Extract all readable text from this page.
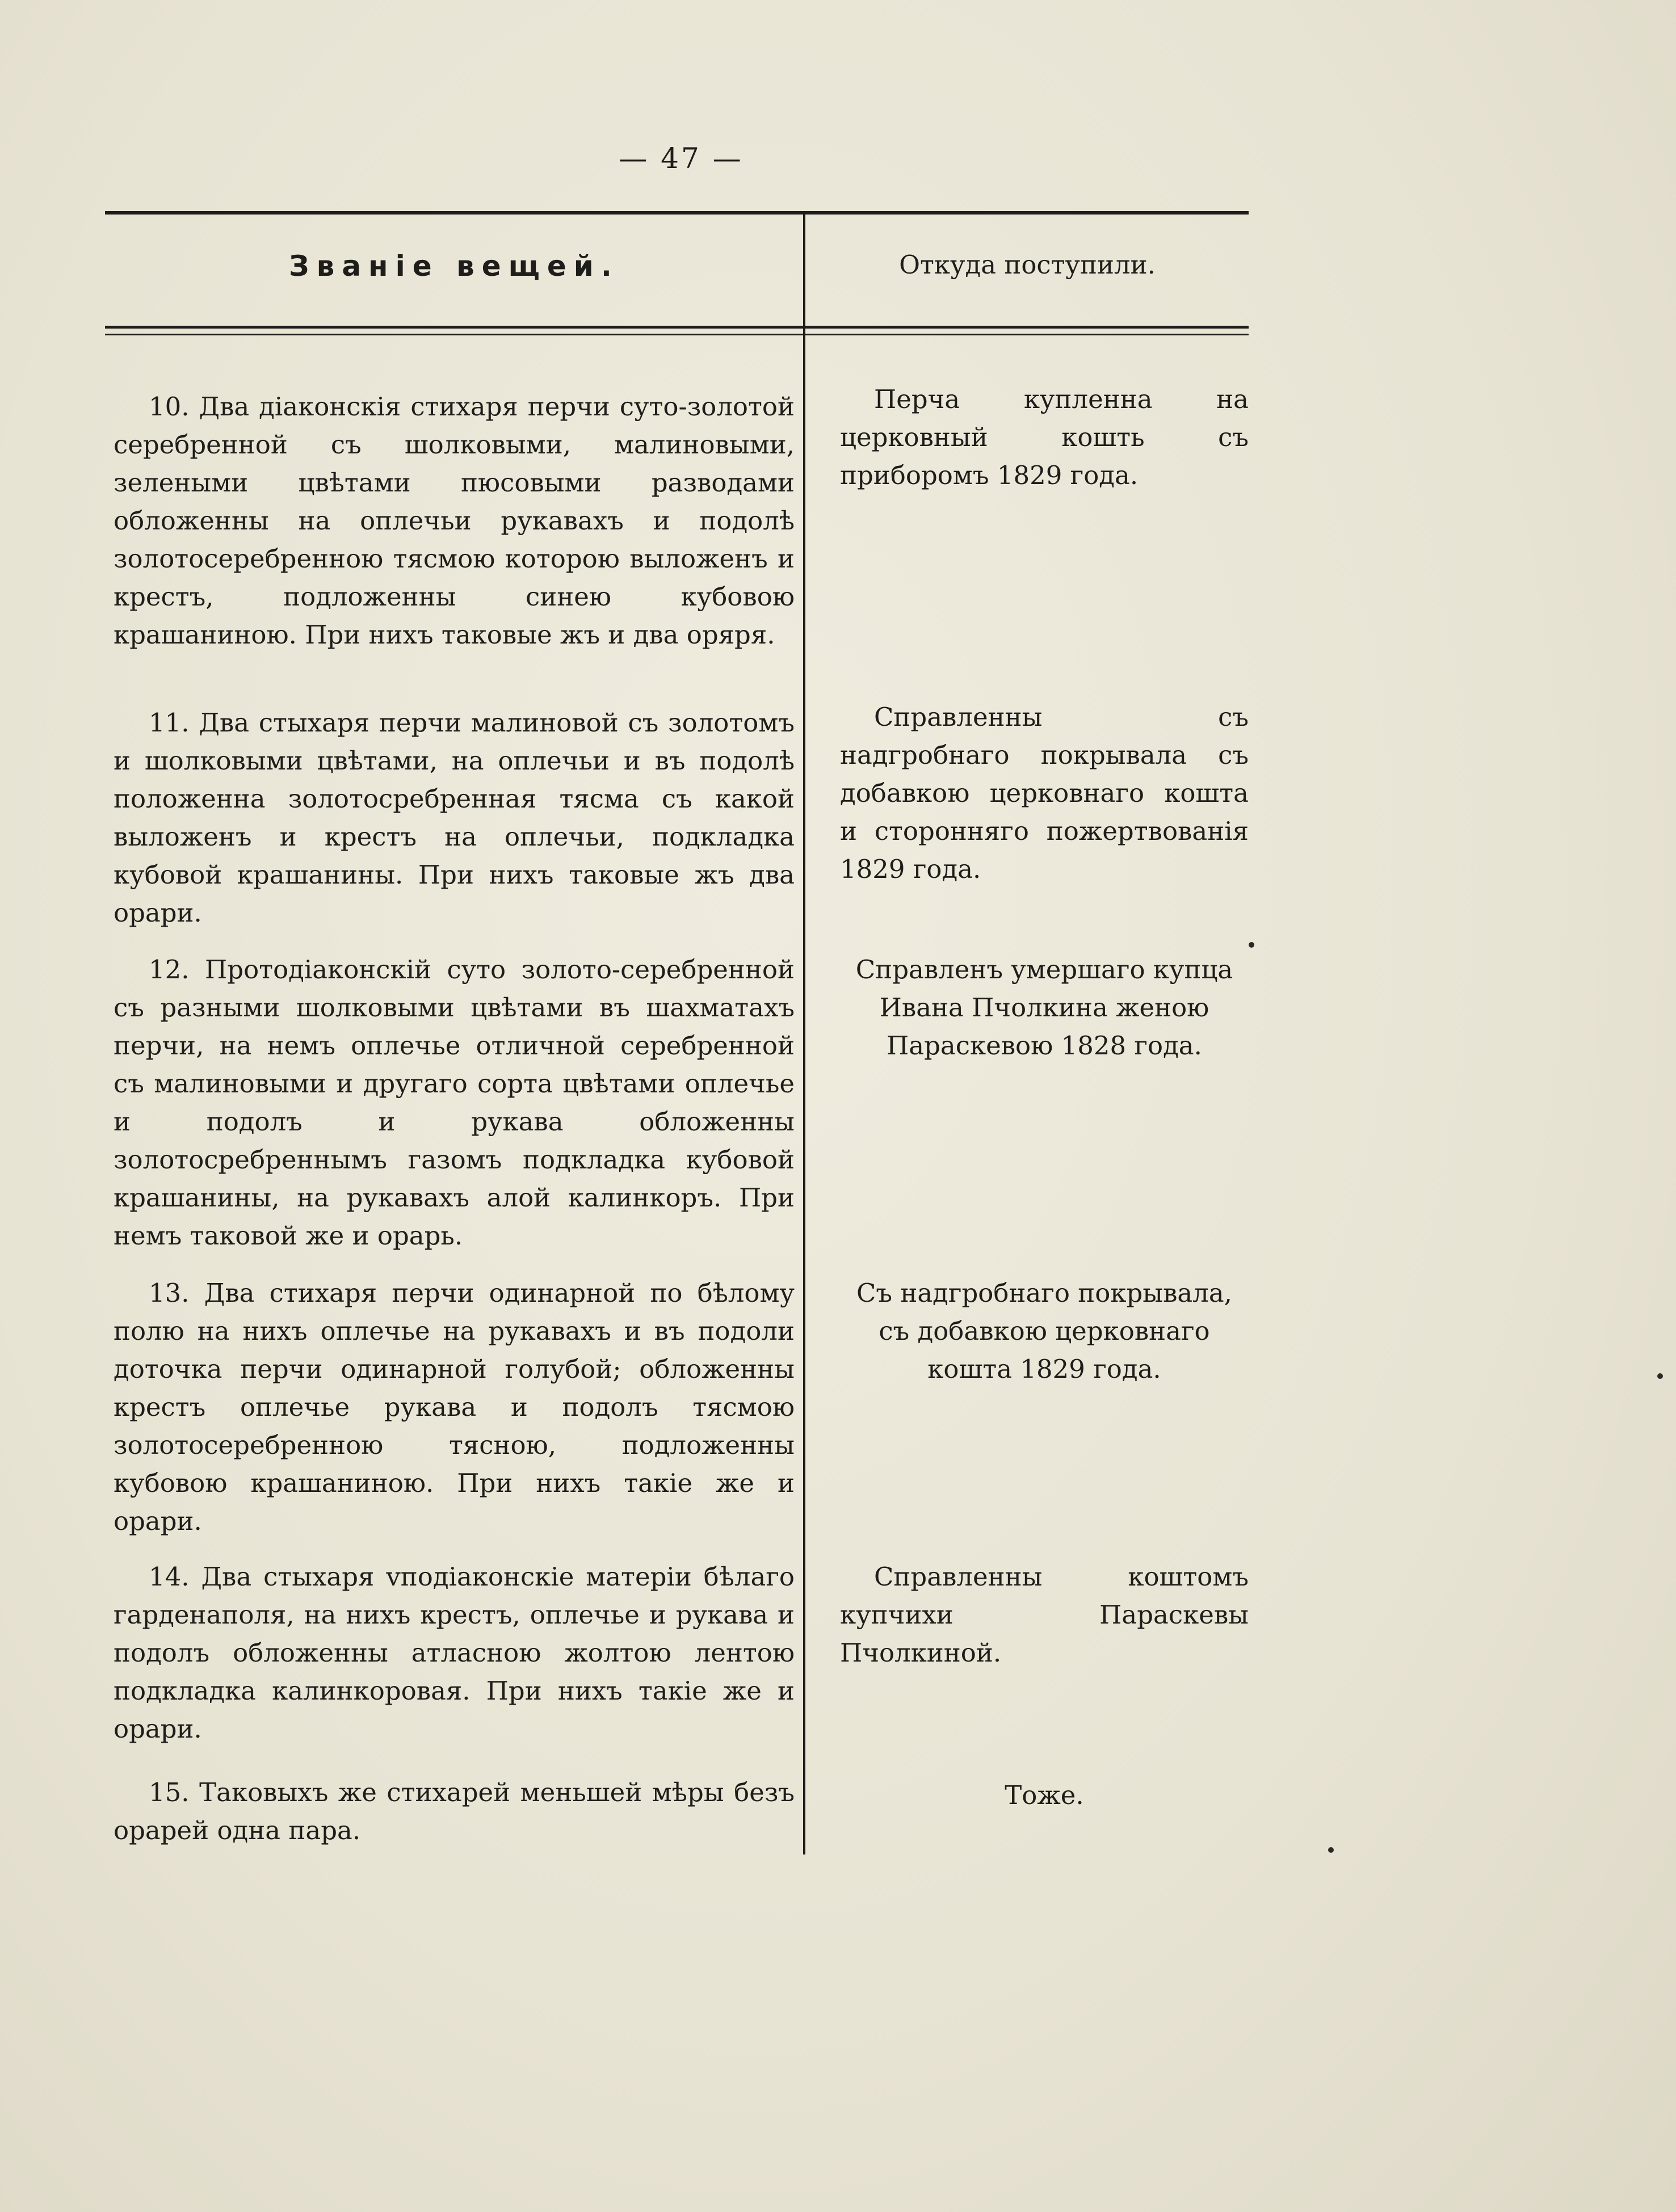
— 47 —
Званіе вещей.	Откуда поступили.

10. Два діаконскія стихаря перчи суто-золотой серебренной съ шолковыми, малиновыми, зелеными цвѣтами пюсовыми разводами обложенны на оплечьи рукавахъ и подолѣ золотосеребренною тясмою которою выложенъ и крестъ, подложенны синею кубовою крашаниною. При нихъ таковые жъ и два оряря.

Перча купленна на церковный кошть съ приборомъ 1829 года.

11. Два стыхаря перчи малиновой съ золотомъ и шолковыми цвѣтами, на оплечьи и въ подолѣ положенна золотосребренная тясма съ какой выложенъ и крестъ на оплечьи, подкладка кубовой крашанины. При нихъ таковые жъ два орари.

Справленны съ надгробнаго покрывала съ добавкою церковнаго кошта и стороннягo пожертвованія 1829 года.

12. Протодіаконскій суто золото-серебренной съ разными шолковыми цвѣтами въ шахматахъ перчи, на немъ оплечье отличной серебренной съ малиновыми и другаго сорта цвѣтами оплечье и подолъ и рукава обложенны золотосребреннымъ газомъ подкладка кубовой крашанины, на рукавахъ алой калинкоръ. При немъ таковой же и орарь.

Справленъ умершаго купца Ивана Пчолкина женою Параскевою 1828 года.

13. Два стихаря перчи одинарной по бѣлому полю на нихъ оплечье на рукавахъ и въ подоли доточка перчи одинарной голубой; обложенны крестъ оплечье рукава и подолъ тясмою золотосеребренною тясною, подложенны кубовою крашаниною. При нихъ такіе же и орари.

Съ надгробнаго покрывала, съ добавкою церковнаго кошта 1829 года.

14. Два стыхаря vподіаконскіе матеріи бѣлаго гарденаполя, на нихъ крестъ, оплечье и рукава и подолъ обложенны атласною жолтою лентою подкладка калинкоровая. При нихъ такіе же и орари.

Справленны коштомъ купчихи Параскевы Пчолкиной.

15. Таковыхъ же стихарей меньшей мѣры безъ орарей одна пара.

Тоже.
